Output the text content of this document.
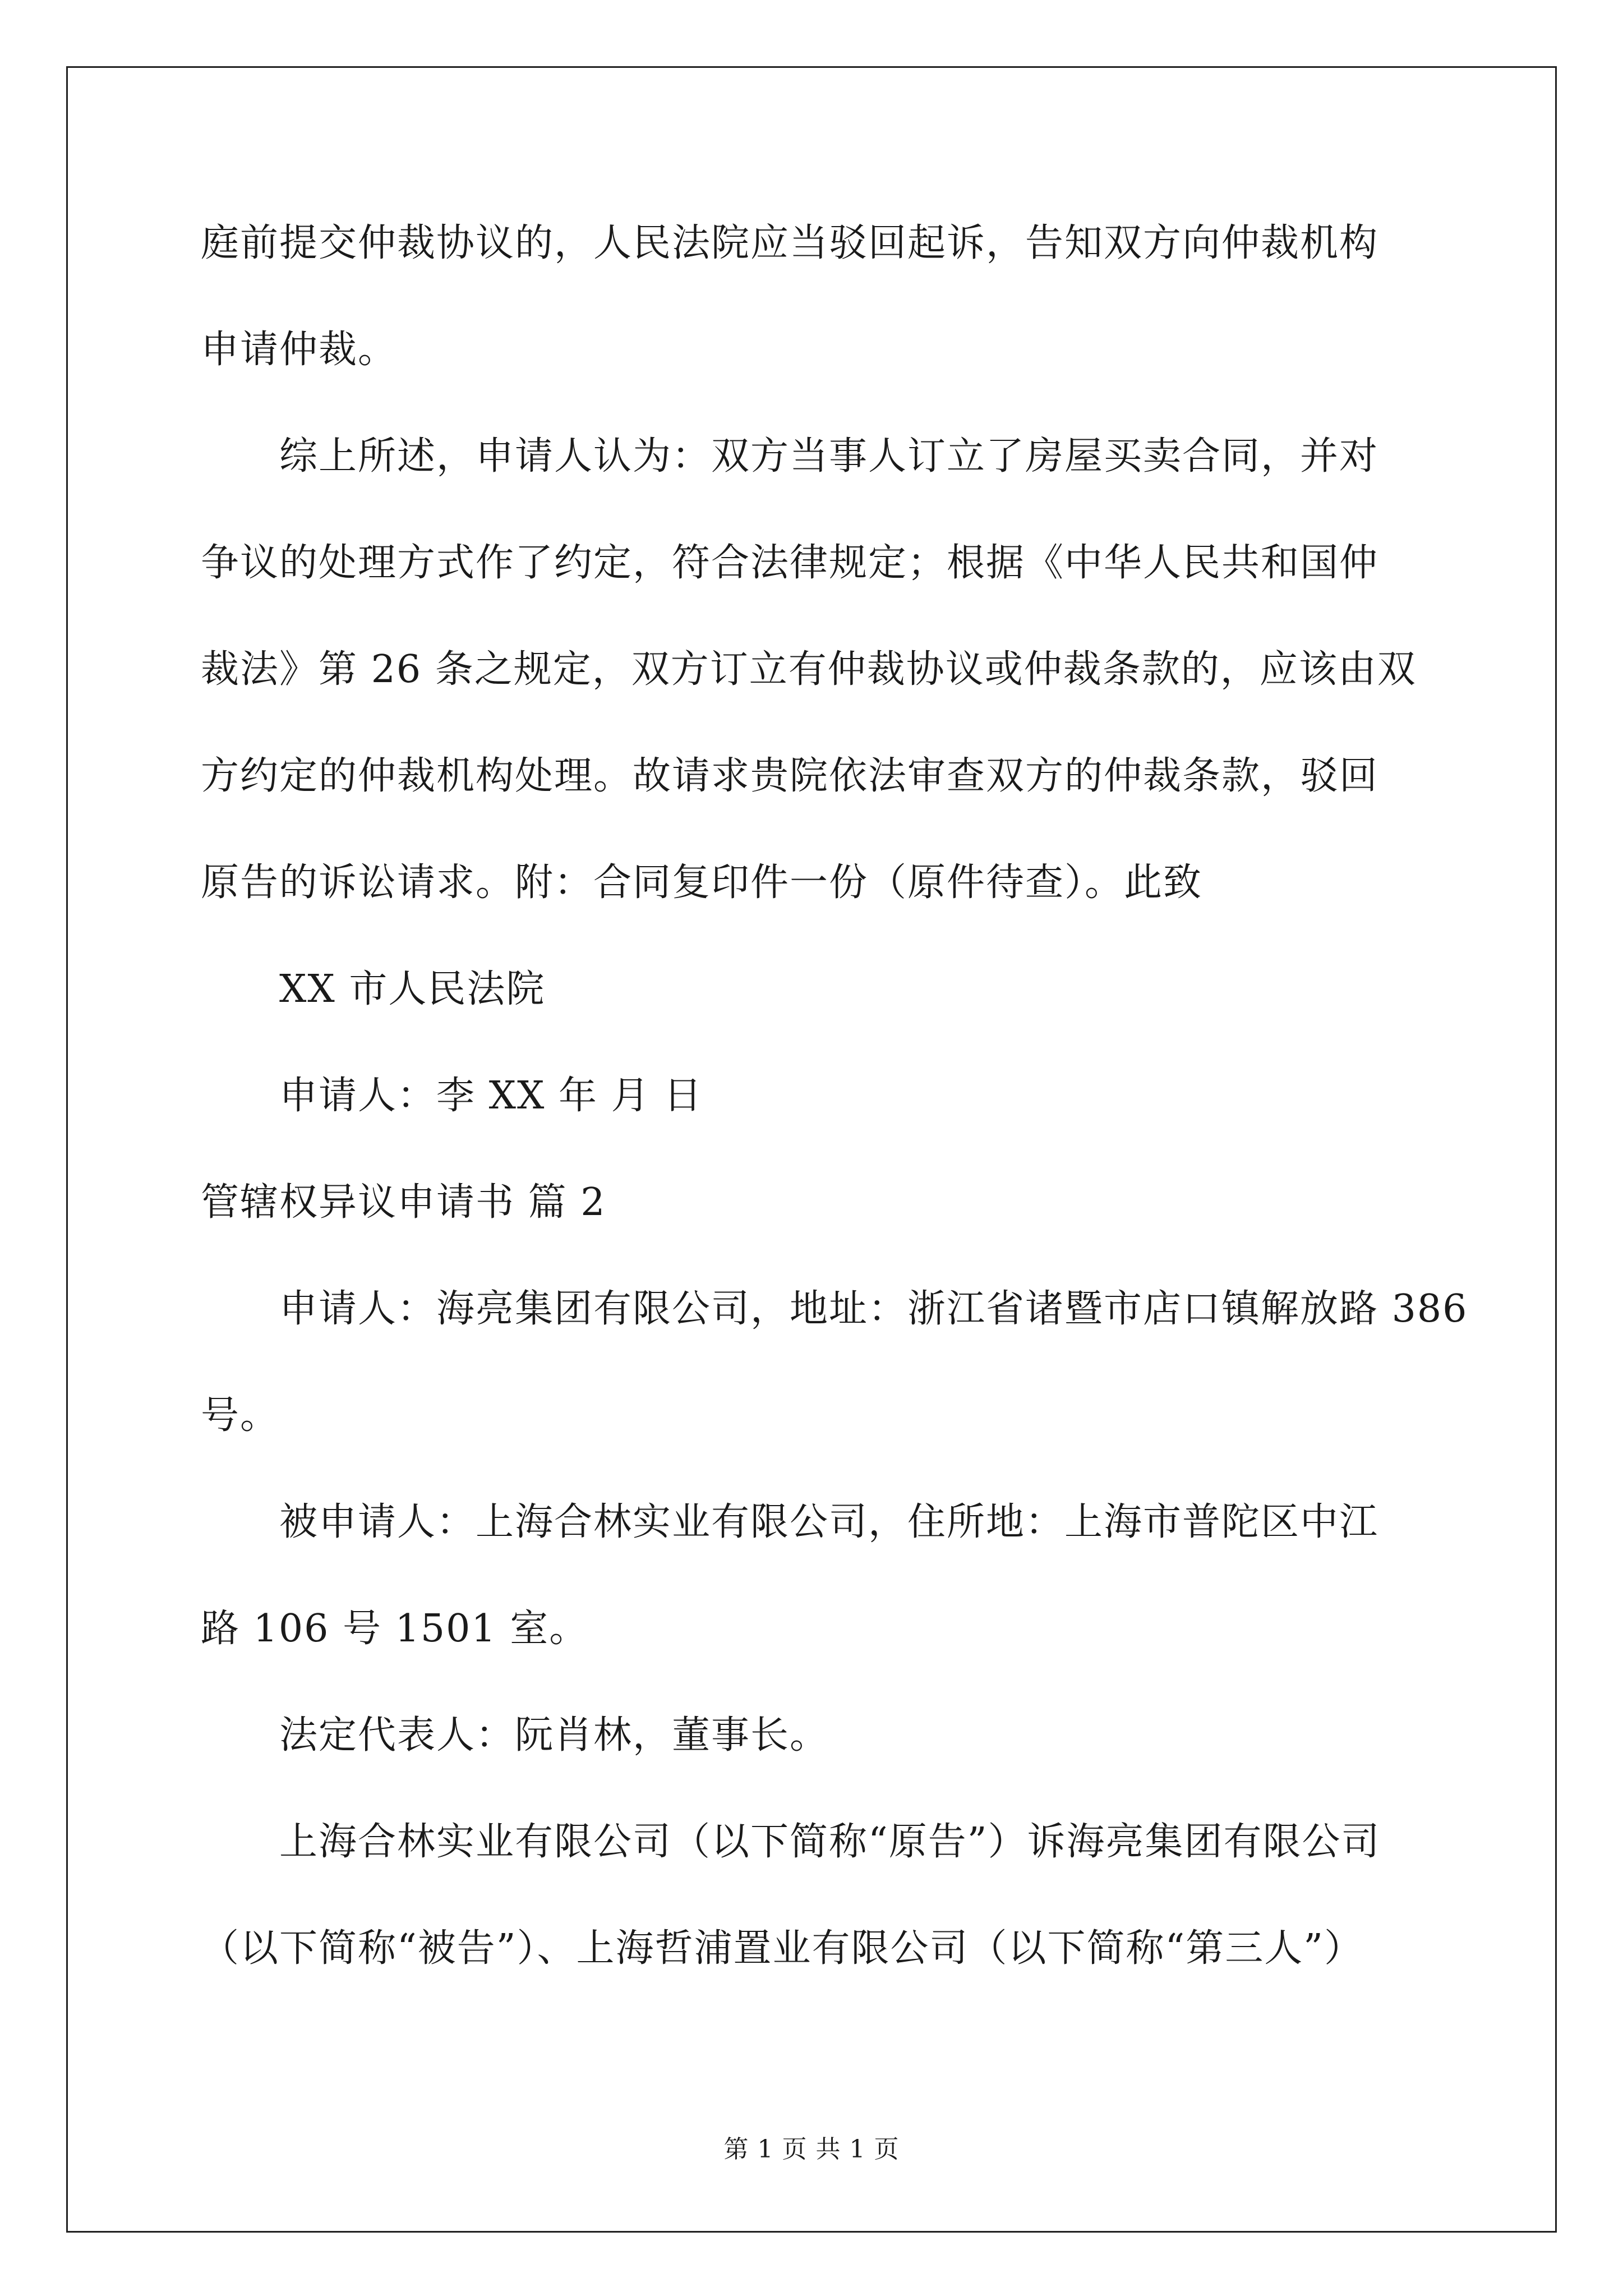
庭前提交仲裁协议的，人民法院应当驳回起诉，告知双方向仲裁机构
申请仲裁。
综上所述，申请人认为：双方当事人订立了房屋买卖合同，并对
争议的处理方式作了约定，符合法律规定；根据《中华人民共和国仲
裁法》第 26 条之规定，双方订立有仲裁协议或仲裁条款的，应该由双
方约定的仲裁机构处理。故请求贵院依法审查双方的仲裁条款，驳回
原告的诉讼请求。附：合同复印件一份（原件待查）。此致
XX 市人民法院
申请人：李 XX 年 月 日
管辖权异议申请书 篇 2
申请人：海亮集团有限公司，地址：浙江省诸暨市店口镇解放路 386
号。
被申请人：上海合林实业有限公司，住所地：上海市普陀区中江
路 106 号 1501 室。
法定代表人：阮肖林，董事长。
上海合林实业有限公司（以下简称“原告”）诉海亮集团有限公司
（以下简称“被告”）、上海哲浦置业有限公司（以下简称“第三人”）
第 1 页 共 1 页
